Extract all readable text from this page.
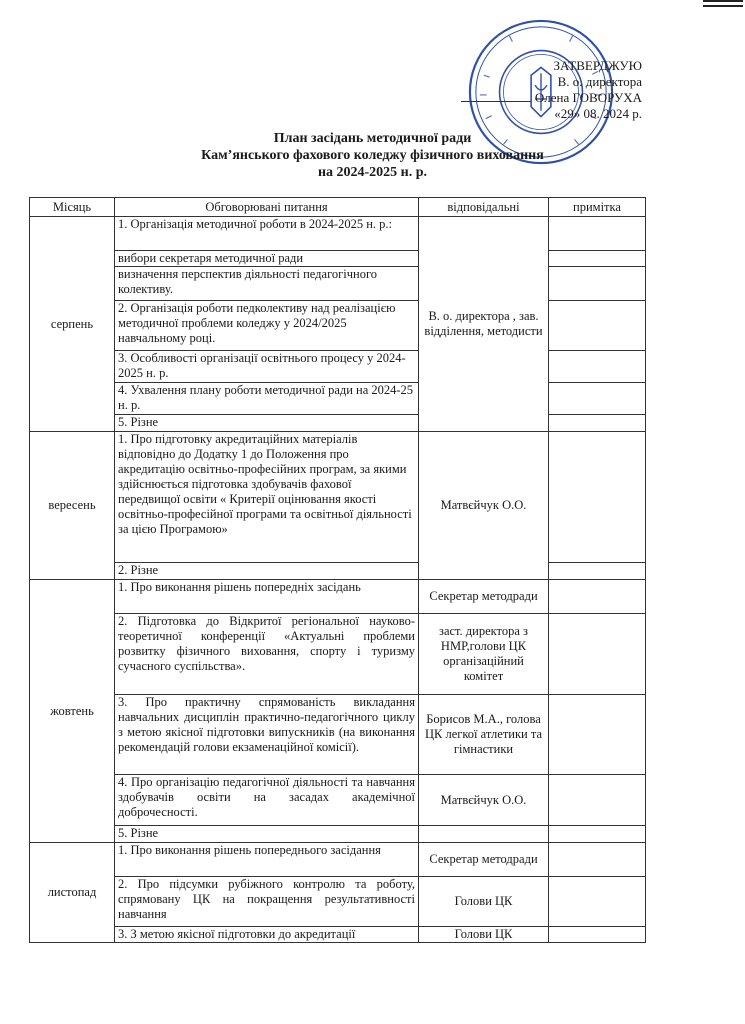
ЗАТВЕРДЖУЮ
В. о. директора
Олена ГОВОРУХА
«29» 08. 2024 р.
План засідань методичної ради
Кам’янського фахового коледжу фізичного виховання
на 2024-2025 н. р.
Місяць	Обговорювані питання	відповідальні	примітка
серпень	1. Організація методичної роботи в 2024-2025 н. р.:	В. о. директора , зав. відділення, методисти	
	вибори секретаря методичної ради		
	визначення перспектив діяльності педагогічного колективу.		
	2. Організація роботи педколективу над реалізацією методичної проблеми коледжу у 2024/2025 навчальному році.		
	3. Особливості організації освітнього процесу у 2024-2025 н. р.		
	4. Ухвалення плану роботи методичної ради на 2024-25 н. р.		
	5. Різне		
вересень	1. Про підготовку акредитаційних матеріалів відповідно до Додатку 1 до Положення про акредитацію освітньо-професійних програм, за якими здійснюється підготовка здобувачів фахової передвищої освіти « Критерії оцінювання якості освітньо-професійної програми та освітньої діяльності за цією Програмою»	Матвєйчук О.О.	
	2. Різне		
жовтень	1. Про виконання рішень попередніх засідань	Секретар методради	
	2. Підготовка до Відкритої регіональної науково-теоретичної конференції «Актуальні проблеми розвитку фізичного виховання, спорту і туризму сучасного суспільства».	заст. директора з НМР,голови ЦК організаційний комітет	
	3. Про практичну спрямованість викладання навчальних дисциплін практично-педагогічного циклу з метою якісної підготовки випускників (на виконання рекомендацій голови екзаменаційної комісії).	Борисов М.А., голова ЦК легкої атлетики та гімнастики	
	4. Про організацію педагогічної діяльності та навчання здобувачів освіти на засадах академічної доброчесності.	Матвєйчук О.О.	
	5. Різне		
листопад	1. Про виконання рішень попереднього засідання	Секретар методради	
	2. Про підсумки рубіжного контролю та роботу, спрямовану ЦК на покращення результативності навчання	Голови ЦК	
	3. З метою якісної підготовки до акредитації	Голови ЦК	
